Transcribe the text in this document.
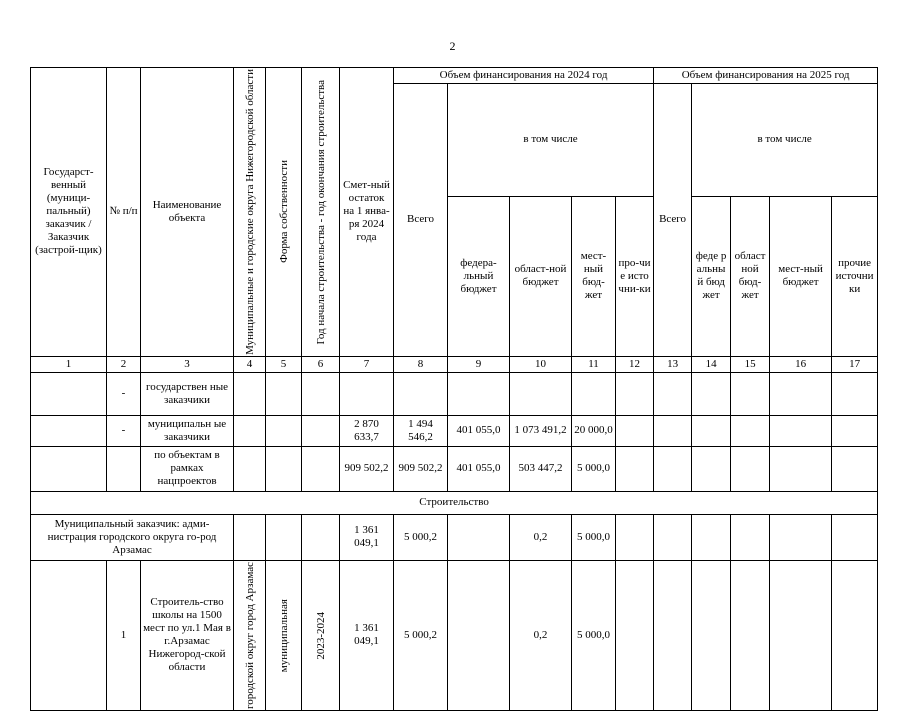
2
Государст-венный (муници-пальный) заказчик / Заказчик (застрой-щик)	№ п/п	Наименование объекта	Муниципальные и городские округа Нижегородской области	Форма собственности	Год начала строительства - год окончания строительства	Смет-ный остаток на 1 янва-ря 2024 года	Объем финансирования на 2024 год					Объем финансирования на 2025 год				
							Всего	в том числе				Всего	в том числе			
								федера-льный бюджет	област-ной бюджет	мест-ный бюд-жет	про-чие исто чни-ки		феде ральный бюд жет	област ной бюд-жет	мест-ный бюджет	прочие источни ки
1	2	3	4	5	6	7	8	9	10	11	12	13	14	15	16	17
	-	государствен ные заказчики														
	-	муниципальн ые заказчики				2 870 633,7	1 494 546,2	401 055,0	1 073 491,2	20 000,0						
		по объектам в рамках нацпроектов				909 502,2	909 502,2	401 055,0	503 447,2	5 000,0						
Строительство																
Муниципальный заказчик: адми-нистрация городского округа го-род Арзамас						1 361 049,1	5 000,2		0,2	5 000,0						
	1	Строитель-ство школы на 1500 мест по ул.1 Мая в г.Арзамас Нижегород-ской области	городской округ город Арзамас	муниципальная	2023-2024	1 361 049,1	5 000,2		0,2	5 000,0						
